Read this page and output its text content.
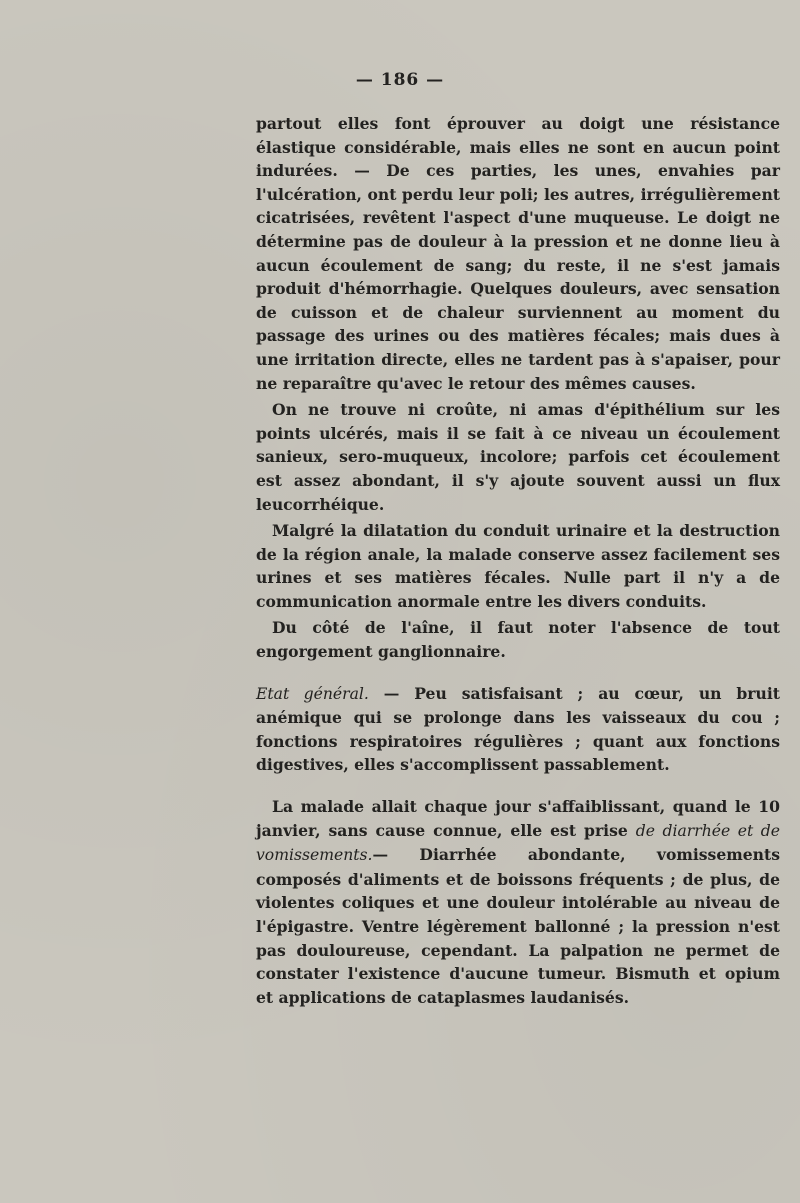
— 186 —

partout elles font éprouver au doigt une résistance élastique considérable, mais elles ne sont en aucun point indurées. — De ces parties, les unes, envahies par l'ulcération, ont perdu leur poli; les autres, irrégulièrement cicatrisées, revêtent l'aspect d'une muqueuse. Le doigt ne détermine pas de douleur à la pression et ne donne lieu à aucun écoulement de sang; du reste, il ne s'est jamais produit d'hémorrhagie. Quelques douleurs, avec sensation de cuisson et de chaleur surviennent au moment du passage des urines ou des matières fécales; mais dues à une irritation directe, elles ne tardent pas à s'apaiser, pour ne reparaître qu'avec le retour des mêmes causes.

On ne trouve ni croûte, ni amas d'épithélium sur les points ulcérés, mais il se fait à ce niveau un écoulement sanieux, sero-muqueux, incolore; parfois cet écoulement est assez abondant, il s'y ajoute souvent aussi un flux leucorrhéique.

Malgré la dilatation du conduit urinaire et la destruction de la région anale, la malade conserve assez facilement ses urines et ses matières fécales. Nulle part il n'y a de communication anormale entre les divers conduits.

Du côté de l'aîne, il faut noter l'absence de tout engorgement ganglionnaire.

Etat général. — Peu satisfaisant ; au cœur, un bruit anémique qui se prolonge dans les vaisseaux du cou ; fonctions respiratoires régulières ; quant aux fonctions digestives, elles s'accomplissent passablement.

La malade allait chaque jour s'affaiblissant, quand le 10 janvier, sans cause connue, elle est prise de diarrhée et de vomissements.— Diarrhée abondante, vomissements composés d'aliments et de boissons fréquents ; de plus, de violentes coliques et une douleur intolérable au niveau de l'épigastre. Ventre légèrement ballonné ; la pression n'est pas douloureuse, cependant. La palpation ne permet de constater l'existence d'aucune tumeur. Bismuth et opium et applications de cataplasmes laudanisés.
